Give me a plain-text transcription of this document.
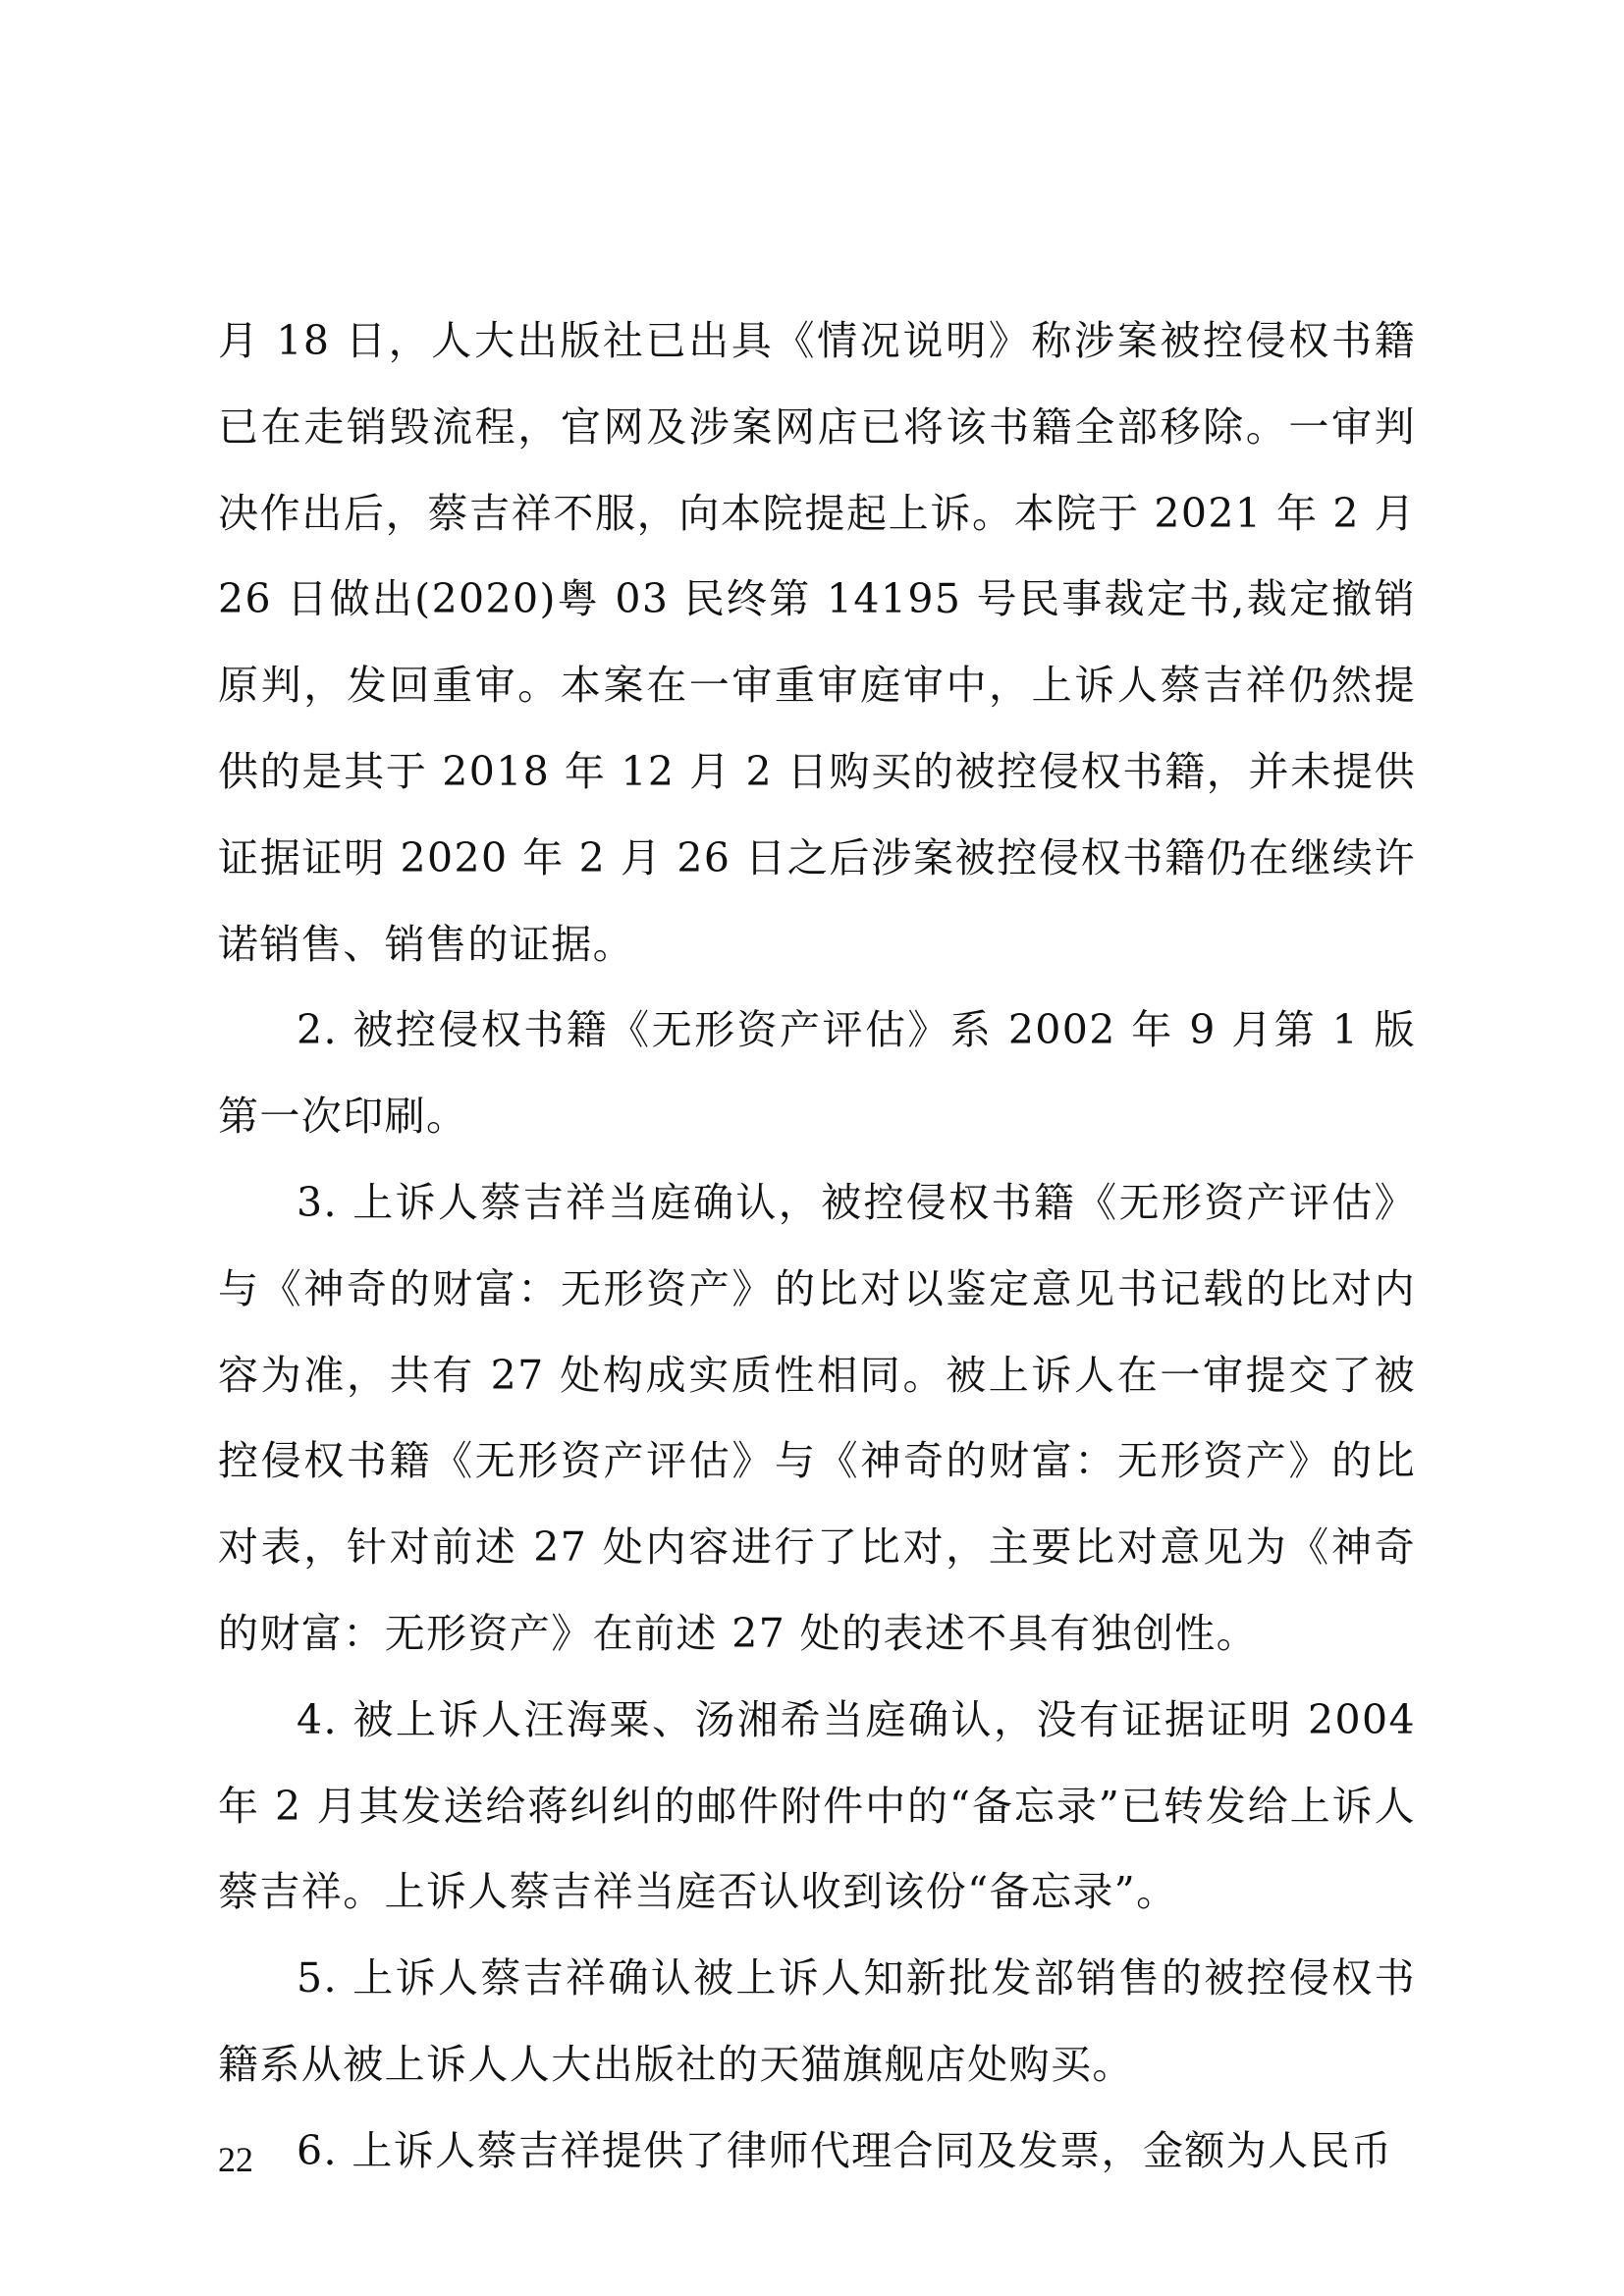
月 18 日，人大出版社已出具《情况说明》称涉案被控侵权书籍已在走销毁流程，官网及涉案网店已将该书籍全部移除。一审判决作出后，蔡吉祥不服，向本院提起上诉。本院于 2021 年 2 月 26 日做出(2020)粤 03 民终第 14195 号民事裁定书,裁定撤销原判，发回重审。本案在一审重审庭审中，上诉人蔡吉祥仍然提供的是其于 2018 年 12 月 2 日购买的被控侵权书籍，并未提供证据证明 2020 年 2 月 26 日之后涉案被控侵权书籍仍在继续许诺销售、销售的证据。

2. 被控侵权书籍《无形资产评估》系 2002 年 9 月第 1 版第一次印刷。

3. 上诉人蔡吉祥当庭确认，被控侵权书籍《无形资产评估》与《神奇的财富：无形资产》的比对以鉴定意见书记载的比对内容为准，共有 27 处构成实质性相同。被上诉人在一审提交了被控侵权书籍《无形资产评估》与《神奇的财富：无形资产》的比对表，针对前述 27 处内容进行了比对，主要比对意见为《神奇的财富：无形资产》在前述 27 处的表述不具有独创性。

4. 被上诉人汪海粟、汤湘希当庭确认，没有证据证明 2004 年 2 月其发送给蒋纠纠的邮件附件中的“备忘录”已转发给上诉人蔡吉祥。上诉人蔡吉祥当庭否认收到该份“备忘录”。

5. 上诉人蔡吉祥确认被上诉人知新批发部销售的被控侵权书籍系从被上诉人人大出版社的天猫旗舰店处购买。

6. 上诉人蔡吉祥提供了律师代理合同及发票，金额为人民币

22
